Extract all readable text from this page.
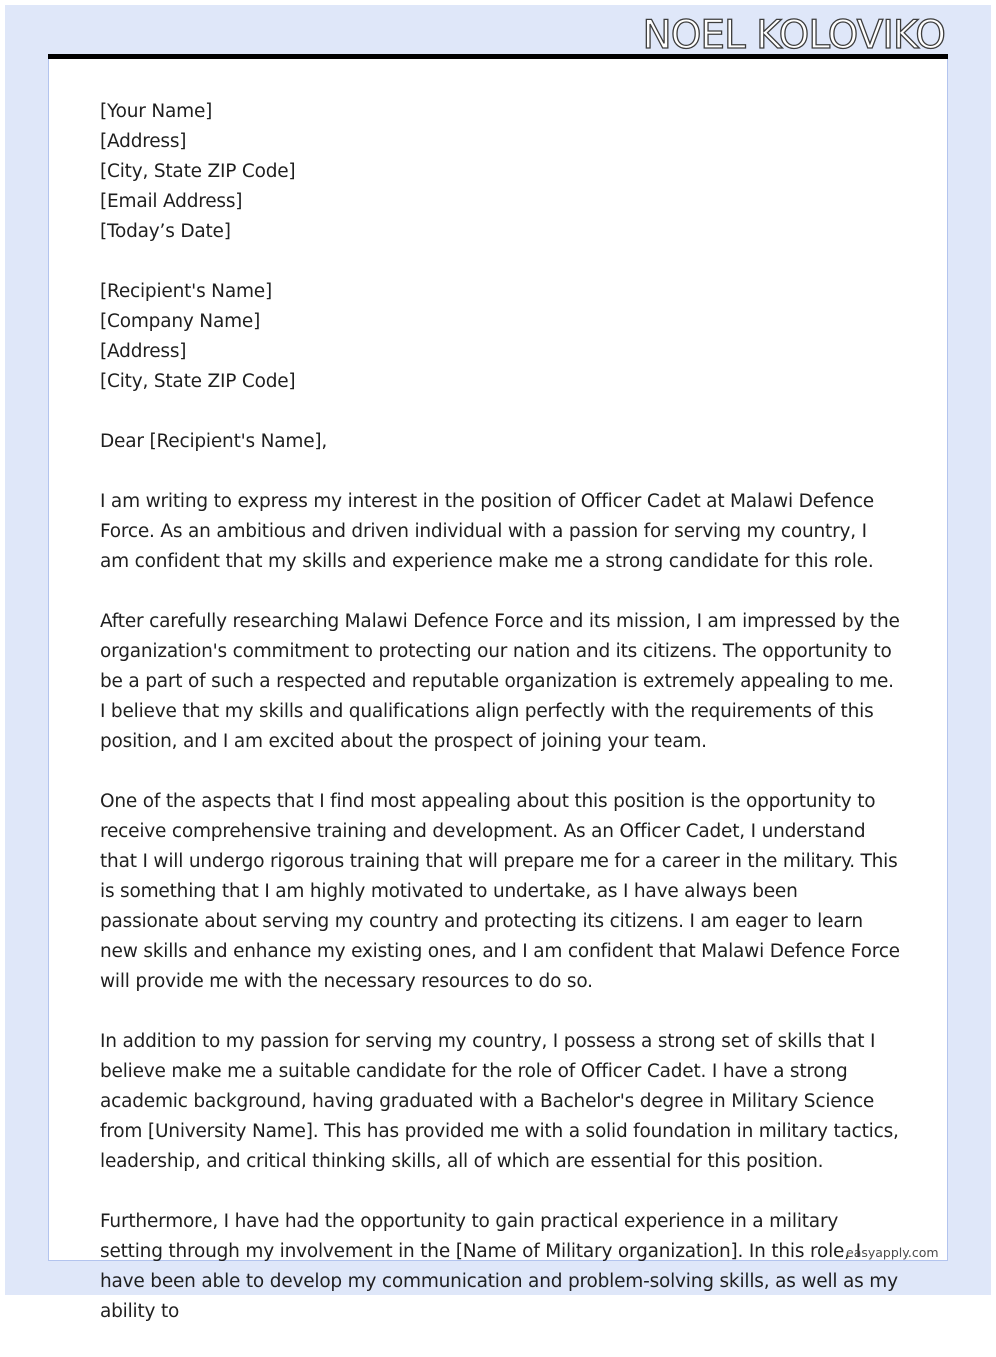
NOEL KOLOVIKO
[Your Name]
[Address]
[City, State ZIP Code]
[Email Address]
[Today’s Date]
[Recipient's Name]
[Company Name]
[Address]
[City, State ZIP Code]

Dear [Recipient's Name],

I am writing to express my interest in the position of Officer Cadet at Malawi Defence Force. As an ambitious and driven individual with a passion for serving my country, I am confident that my skills and experience make me a strong candidate for this role.

After carefully researching Malawi Defence Force and its mission, I am impressed by the organization's commitment to protecting our nation and its citizens. The opportunity to be a part of such a respected and reputable organization is extremely appealing to me. I believe that my skills and qualifications align perfectly with the requirements of this position, and I am excited about the prospect of joining your team.

One of the aspects that I find most appealing about this position is the opportunity to receive comprehensive training and development. As an Officer Cadet, I understand that I will undergo rigorous training that will prepare me for a career in the military. This is something that I am highly motivated to undertake, as I have always been passionate about serving my country and protecting its citizens. I am eager to learn new skills and enhance my existing ones, and I am confident that Malawi Defence Force will provide me with the necessary resources to do so.

In addition to my passion for serving my country, I possess a strong set of skills that I believe make me a suitable candidate for the role of Officer Cadet. I have a strong academic background, having graduated with a Bachelor's degree in Military Science from [University Name]. This has provided me with a solid foundation in military tactics, leadership, and critical thinking skills, all of which are essential for this position.

Furthermore, I have had the opportunity to gain practical experience in a military setting through my involvement in the [Name of Military organization]. In this role, I have been able to develop my communication and problem-solving skills, as well as my ability to

easyapply.com
